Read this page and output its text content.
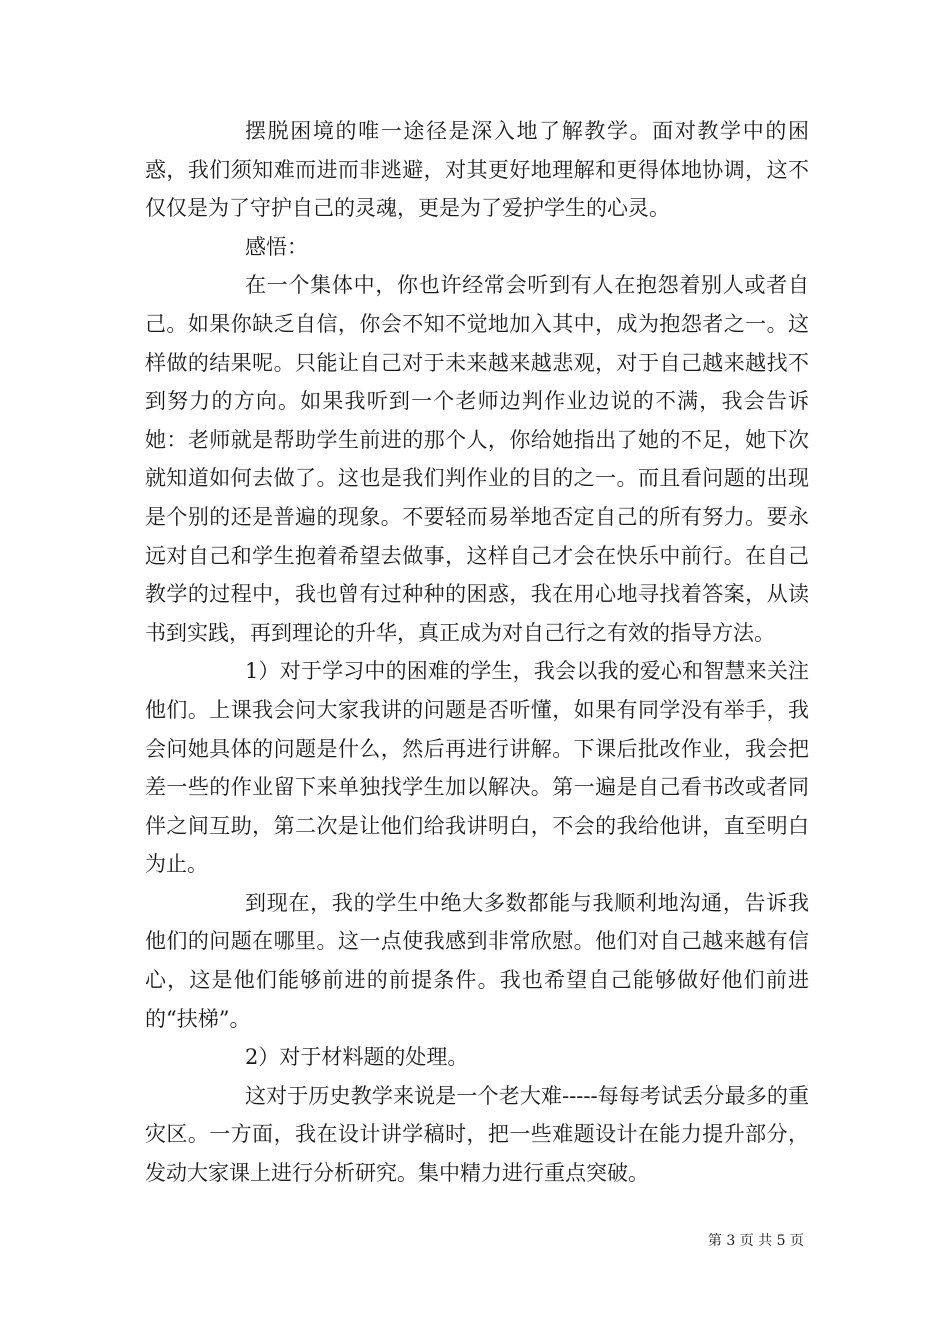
摆脱困境的唯一途径是深入地了解教学。面对教学中的困惑，我们须知难而进而非逃避，对其更好地理解和更得体地协调，这不仅仅是为了守护自己的灵魂，更是为了爱护学生的心灵。

感悟：

在一个集体中，你也许经常会听到有人在抱怨着别人或者自己。如果你缺乏自信，你会不知不觉地加入其中，成为抱怨者之一。这样做的结果呢。只能让自己对于未来越来越悲观，对于自己越来越找不到努力的方向。如果我听到一个老师边判作业边说的不满，我会告诉她：老师就是帮助学生前进的那个人，你给她指出了她的不足，她下次就知道如何去做了。这也是我们判作业的目的之一。而且看问题的出现是个别的还是普遍的现象。不要轻而易举地否定自己的所有努力。要永远对自己和学生抱着希望去做事，这样自己才会在快乐中前行。在自己教学的过程中，我也曾有过种种的困惑，我在用心地寻找着答案，从读书到实践，再到理论的升华，真正成为对自己行之有效的指导方法。

1）对于学习中的困难的学生，我会以我的爱心和智慧来关注他们。上课我会问大家我讲的问题是否听懂，如果有同学没有举手，我会问她具体的问题是什么，然后再进行讲解。下课后批改作业，我会把差一些的作业留下来单独找学生加以解决。第一遍是自己看书改或者同伴之间互助，第二次是让他们给我讲明白，不会的我给他讲，直至明白为止。

到现在，我的学生中绝大多数都能与我顺利地沟通，告诉我他们的问题在哪里。这一点使我感到非常欣慰。他们对自己越来越有信心，这是他们能够前进的前提条件。我也希望自己能够做好他们前进的“扶梯”。

2）对于材料题的处理。

这对于历史教学来说是一个老大难-----每每考试丢分最多的重灾区。一方面，我在设计讲学稿时，把一些难题设计在能力提升部分，发动大家课上进行分析研究。集中精力进行重点突破。

第 3 页 共 5 页
